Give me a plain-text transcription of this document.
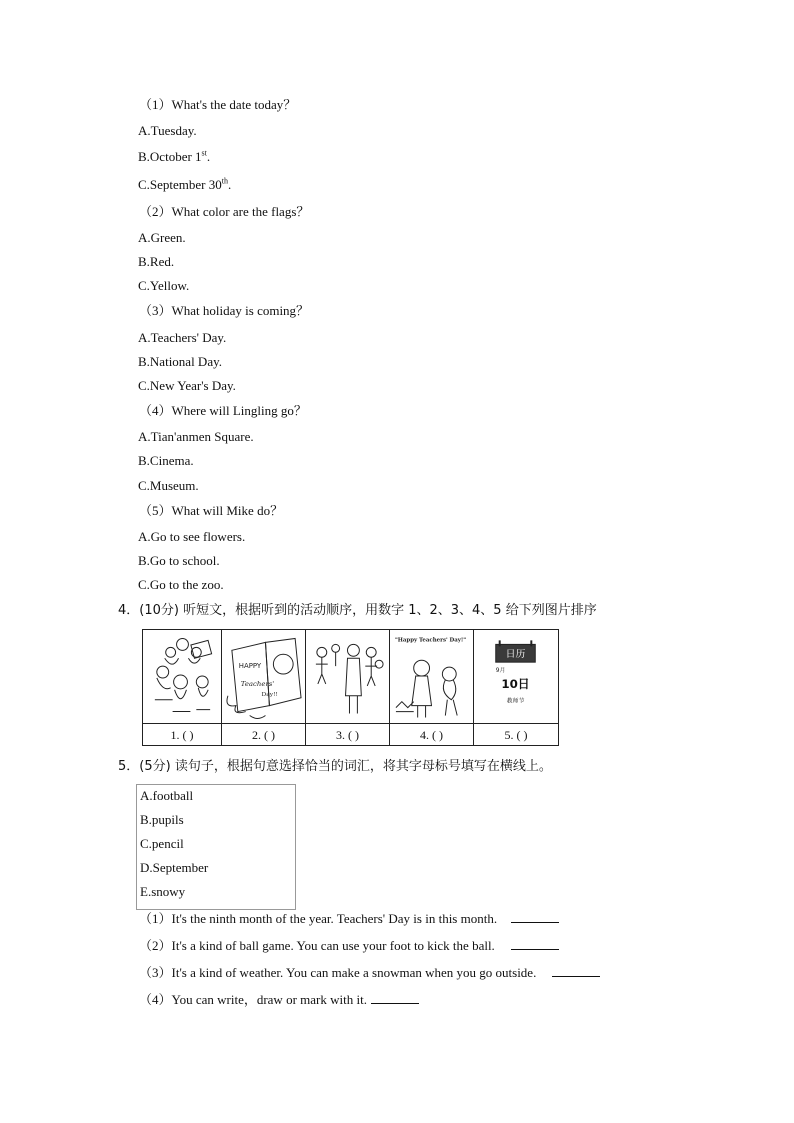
（1）What's the date today？
A.Tuesday.
B.October 1st.
C.September 30th.
（2）What color are the flags？
A.Green.
B.Red.
C.Yellow.
（3）What holiday is coming？
A.Teachers' Day.
B.National Day.
C.New Year's Day.
（4）Where will Lingling go？
A.Tian'anmen Square.
B.Cinema.
C.Museum.
（5）What will Mike do？
A.Go to see flowers.
B.Go to school.
C.Go to the zoo.
4．(10分) 听短文，根据听到的活动顺序，用数字 1、2、3、4、5 给下列图片排序
HAPPY
Teachers'
Day!!
"Happy Teachers' Day!"
日历
9月
10日
教师节
1. ( )	2. ( )	3. ( )	4. ( )	5. ( )
5．(5分) 读句子，根据句意选择恰当的词汇，将其字母标号填写在横线上。
A.football
B.pupils
C.pencil
D.September
E.snowy
（1）It's the ninth month of the year. Teachers' Day is in this month.
（2）It's a kind of ball game. You can use your foot to kick the ball.
（3）It's a kind of weather. You can make a snowman when you go outside.
（4）You can write，draw or mark with it.
